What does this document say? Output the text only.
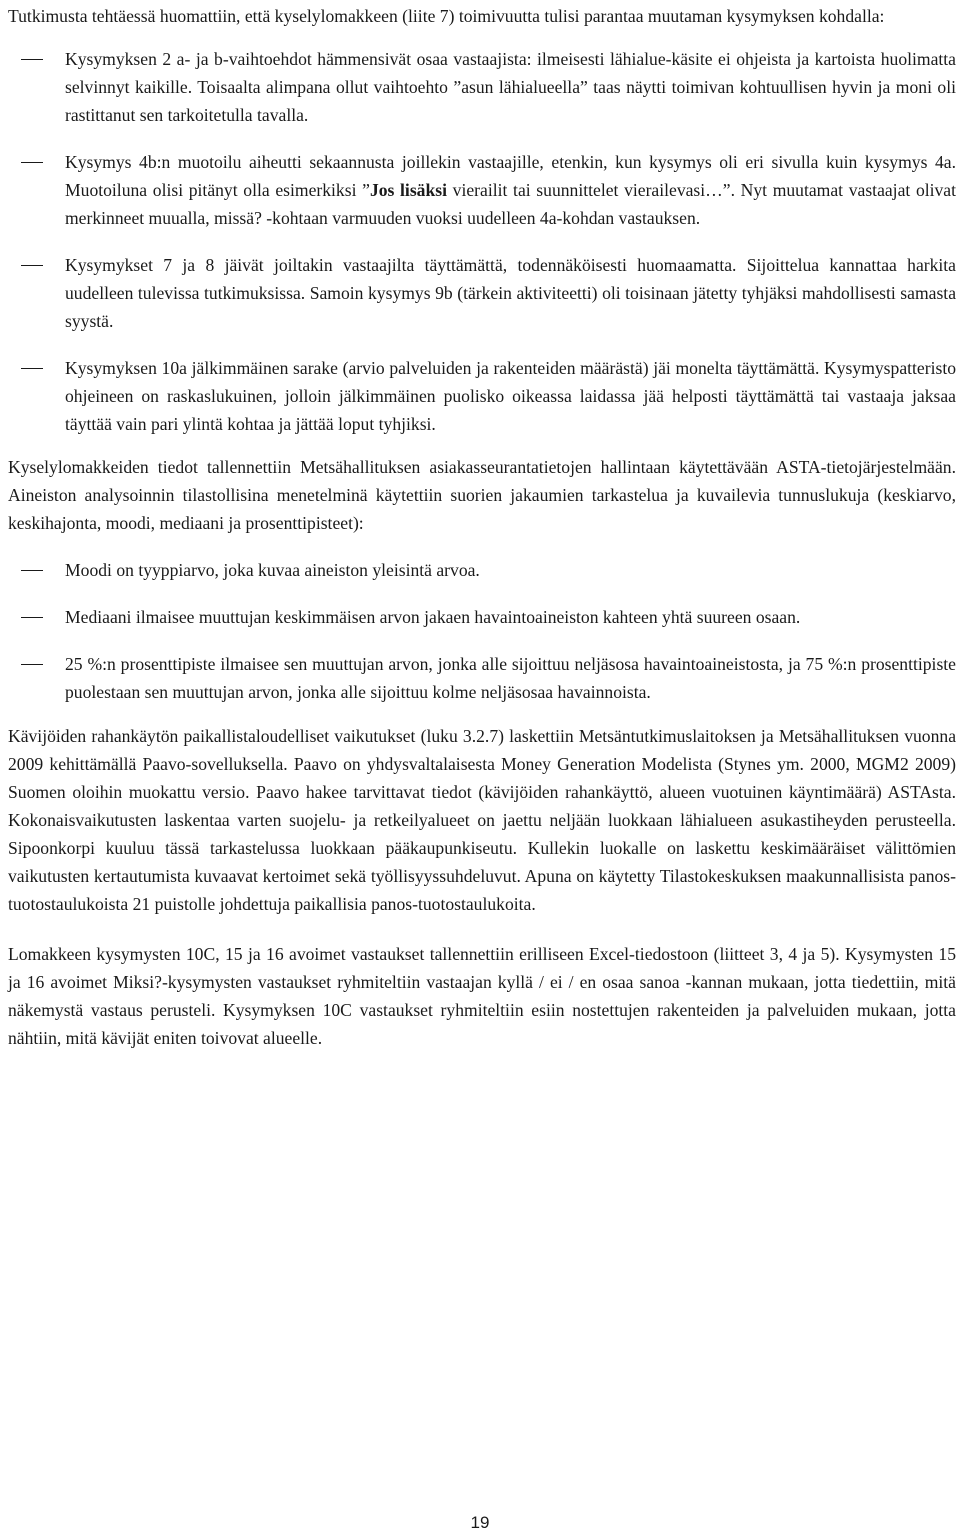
Tutkimusta tehtäessä huomattiin, että kyselylomakkeen (liite 7) toimivuutta tulisi parantaa muutaman kysymyksen kohdalla:

Kysymyksen 2 a- ja b-vaihtoehdot hämmensivät osaa vastaajista: ilmeisesti lähialue-käsite ei ohjeista ja kartoista huolimatta selvinnyt kaikille. Toisaalta alimpana ollut vaihtoehto ”asun lähialueella” taas näytti toimivan kohtuullisen hyvin ja moni oli rastittanut sen tarkoitetulla tavalla.
Kysymys 4b:n muotoilu aiheutti sekaannusta joillekin vastaajille, etenkin, kun kysymys oli eri sivulla kuin kysymys 4a. Muotoiluna olisi pitänyt olla esimerkiksi ”Jos lisäksi vierailit tai suunnittelet vierailevasi…”. Nyt muutamat vastaajat olivat merkinneet muualla, missä? -kohtaan varmuuden vuoksi uudelleen 4a-kohdan vastauksen.
Kysymykset 7 ja 8 jäivät joiltakin vastaajilta täyttämättä, todennäköisesti huomaamatta. Sijoittelua kannattaa harkita uudelleen tulevissa tutkimuksissa. Samoin kysymys 9b (tärkein aktiviteetti) oli toisinaan jätetty tyhjäksi mahdollisesti samasta syystä.
Kysymyksen 10a jälkimmäinen sarake (arvio palveluiden ja rakenteiden määrästä) jäi monelta täyttämättä. Kysymyspatteristo ohjeineen on raskaslukuinen, jolloin jälkimmäinen puolisko oikeassa laidassa jää helposti täyttämättä tai vastaaja jaksaa täyttää vain pari ylintä kohtaa ja jättää loput tyhjiksi.

Kyselylomakkeiden tiedot tallennettiin Metsähallituksen asiakasseurantatietojen hallintaan käytettävään ASTA-tietojärjestelmään. Aineiston analysoinnin tilastollisina menetelminä käytettiin suorien jakaumien tarkastelua ja kuvailevia tunnuslukuja (keskiarvo, keskihajonta, moodi, mediaani ja prosenttipisteet):

Moodi on tyyppiarvo, joka kuvaa aineiston yleisintä arvoa.
Mediaani ilmaisee muuttujan keskimmäisen arvon jakaen havaintoaineiston kahteen yhtä suureen osaan.
25 %:n prosenttipiste ilmaisee sen muuttujan arvon, jonka alle sijoittuu neljäsosa havaintoaineistosta, ja 75 %:n prosenttipiste puolestaan sen muuttujan arvon, jonka alle sijoittuu kolme neljäsosaa havainnoista.

Kävijöiden rahankäytön paikallistaloudelliset vaikutukset (luku 3.2.7) laskettiin Metsäntutkimuslaitoksen ja Metsähallituksen vuonna 2009 kehittämällä Paavo-sovelluksella. Paavo on yhdysvaltalaisesta Money Generation Modelista (Stynes ym. 2000, MGM2 2009) Suomen oloihin muokattu versio. Paavo hakee tarvittavat tiedot (kävijöiden rahankäyttö, alueen vuotuinen käyntimäärä) ASTAsta. Kokonaisvaikutusten laskentaa varten suojelu- ja retkeilyalueet on jaettu neljään luokkaan lähialueen asukastiheyden perusteella. Sipoonkorpi kuuluu tässä tarkastelussa luokkaan pääkaupunkiseutu. Kullekin luokalle on laskettu keskimääräiset välittömien vaikutusten kertautumista kuvaavat kertoimet sekä työllisyyssuhdeluvut. Apuna on käytetty Tilastokeskuksen maakunnallisista panos-tuotostaulukoista 21 puistolle johdettuja paikallisia panos-tuotostaulukoita.

Lomakkeen kysymysten 10C, 15 ja 16 avoimet vastaukset tallennettiin erilliseen Excel-tiedostoon (liitteet 3, 4 ja 5). Kysymysten 15 ja 16 avoimet Miksi?-kysymysten vastaukset ryhmiteltiin vastaajan kyllä / ei / en osaa sanoa -kannan mukaan, jotta tiedettiin, mitä näkemystä vastaus perusteli. Kysymyksen 10C vastaukset ryhmiteltiin esiin nostettujen rakenteiden ja palveluiden mukaan, jotta nähtiin, mitä kävijät eniten toivovat alueelle.

19
